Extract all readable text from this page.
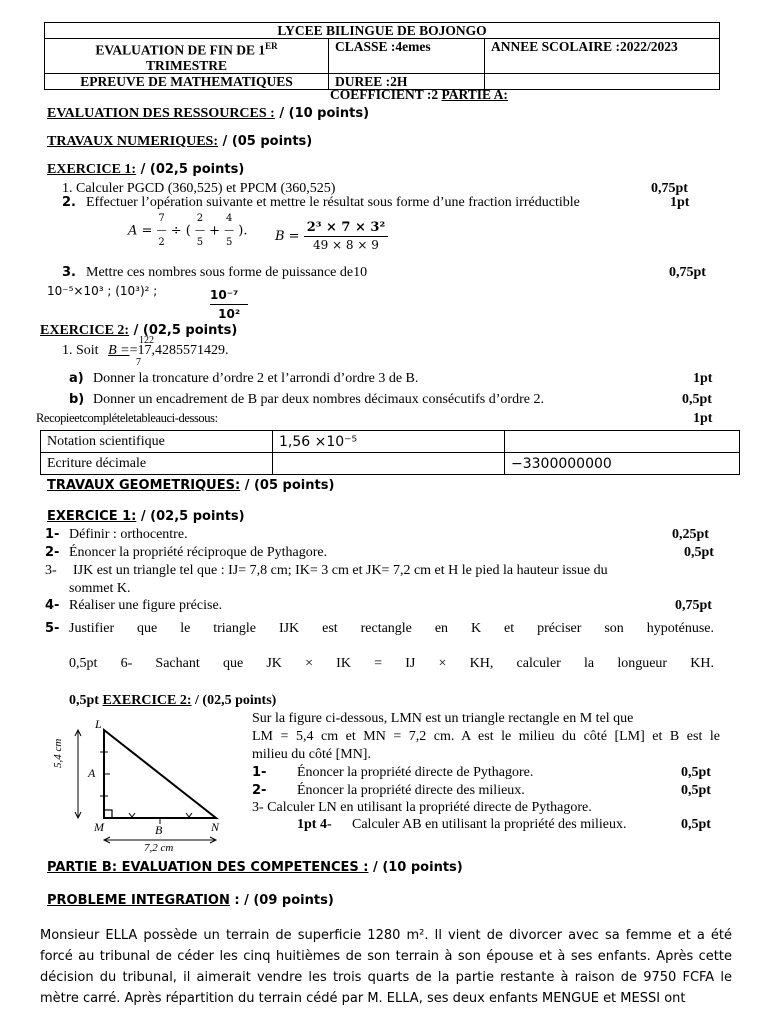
LYCEE BILINGUE DE BOJONGO		
EVALUATION DE FIN DE 1ER
TRIMESTRE	CLASSE :4emes	ANNEE SCOLAIRE :2022/2023
EPREUVE DE MATHEMATIQUES	DUREE :2H	
COEFFICIENT :2 PARTIE A:
EVALUATION DES RESSOURCES : / (10 points)
TRAVAUX NUMERIQUES: / (05 points)
EXERCICE 1: / (02,5 points)
1. Calculer PGCD (360,525) et PPCM (360,525)	0,75pt
2. Effectuer l’opération suivante et mettre le résultat sous forme d’une fraction irréductible	1pt
A = 7
—
2 ÷ ( 2
—
5 + 4
—
5 ). $B = \frac{\text{2³ × 7 × 3²}}{49 \times 8 \times 9}$
3. Mettre ces nombres sous forme de puissance de10	0,75pt
10⁻⁵×10³ ; (10³)² ;	$\frac{\text{10⁻⁷}}{\text{10²}}$
EXERCICE 2: / (02,5 points)
1. Soit B ==17,4285571429.
122
7
a) Donner la troncature d’ordre 2 et l’arrondi d’ordre 3 de B.	1pt
b) Donner un encadrement de B par deux nombres décimaux consécutifs d’ordre 2.	0,5pt
Recopieetcomplételetableauci-dessous:	1pt
Notation scientifique	1,56 ×10⁻⁵	
Ecriture décimale		−3300000000
TRAVAUX GEOMETRIQUES: / (05 points)
EXERCICE 1: / (02,5 points)
1- Définir : orthocentre.	0,25pt
2- Énoncer la propriété réciproque de Pythagore.	0,5pt
3- IJK est un triangle tel que : IJ= 7,8 cm; IK= 3 cm et JK= 7,2 cm et H le pied la hauteur issue du
sommet K.
4- Réaliser une figure précise.	0,75pt
5- Justifier que le triangle IJK est rectangle en K et préciser son hypoténuse.
0,5pt 6- Sachant que JK × IK = IJ × KH, calculer la longueur KH.
0,5pt EXERCICE 2: / (02,5 points)
L
A
M	B	N
5,4 cm
7,2 cm
Sur la figure ci-dessous, LMN est un triangle rectangle en M tel que
LM = 5,4 cm et MN = 7,2 cm. A est le milieu du côté [LM] et B est le
milieu du côté [MN].
1- Énoncer la propriété directe de Pythagore.	0,5pt
2- Énoncer la propriété directe des milieux.	0,5pt
3- Calculer LN en utilisant la propriété directe de Pythagore.
1pt 4- Calculer AB en utilisant la propriété des milieux.	0,5pt
PARTIE B: EVALUATION DES COMPETENCES : / (10 points)
PROBLEME INTEGRATION : / (09 points)
Monsieur ELLA possède un terrain de superficie 1280 m². Il vient de divorcer avec sa femme et a été forcé au tribunal de céder les cinq huitièmes de son terrain à son épouse et à ses enfants. Après cette décision du tribunal, il aimerait vendre les trois quarts de la partie restante à raison de 9750 FCFA le mètre carré. Après répartition du terrain cédé par M. ELLA, ses deux enfants MENGUE et MESSI ont
